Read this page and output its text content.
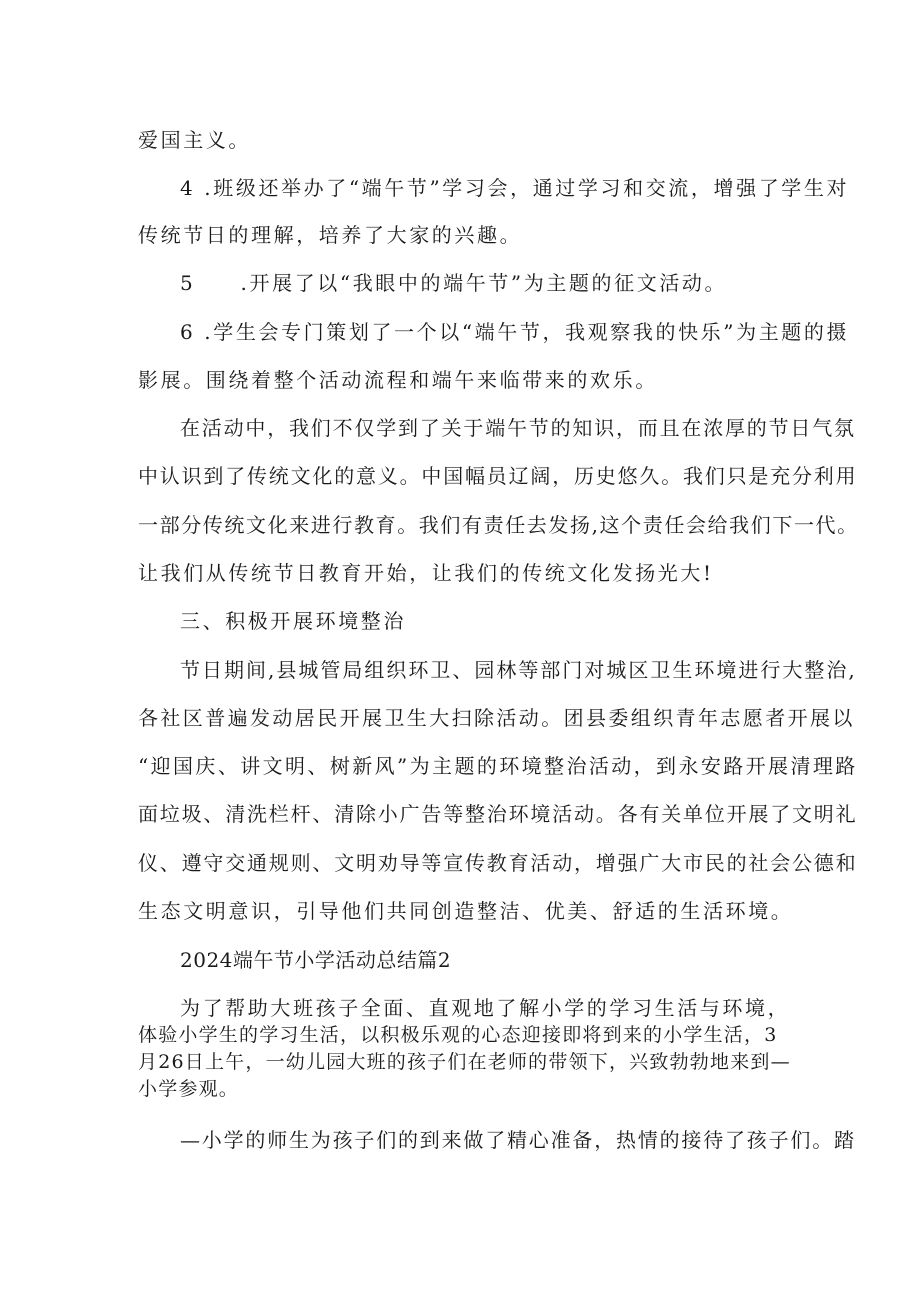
爱国主义。
4 .班级还举办了“端午节”学习会，通过学习和交流，增强了学生对
传统节日的理解，培养了大家的兴趣。
5　　.开展了以“我眼中的端午节”为主题的征文活动。
6 .学生会专门策划了一个以“端午节，我观察我的快乐”为主题的摄
影展。围绕着整个活动流程和端午来临带来的欢乐。
在活动中，我们不仅学到了关于端午节的知识，而且在浓厚的节日气氛
中认识到了传统文化的意义。中国幅员辽阔，历史悠久。我们只是充分利用
一部分传统文化来进行教育。我们有责任去发扬,这个责任会给我们下一代。
让我们从传统节日教育开始，让我们的传统文化发扬光大!
三、积极开展环境整治
节日期间,县城管局组织环卫、园林等部门对城区卫生环境进行大整治,
各社区普遍发动居民开展卫生大扫除活动。团县委组织青年志愿者开展以
“迎国庆、讲文明、树新风”为主题的环境整治活动，到永安路开展清理路
面垃圾、清洗栏杆、清除小广告等整治环境活动。各有关单位开展了文明礼
仪、遵守交通规则、文明劝导等宣传教育活动，增强广大市民的社会公德和
生态文明意识，引导他们共同创造整洁、优美、舒适的生活环境。
2024端午节小学活动总结篇2
为了帮助大班孩子全面、直观地了解小学的学习生活与环境，
体验小学生的学习生活，以积极乐观的心态迎接即将到来的小学生活，3
月26日上午，一幼儿园大班的孩子们在老师的带领下，兴致勃勃地来到—
小学参观。
—小学的师生为孩子们的到来做了精心准备，热情的接待了孩子们。踏
